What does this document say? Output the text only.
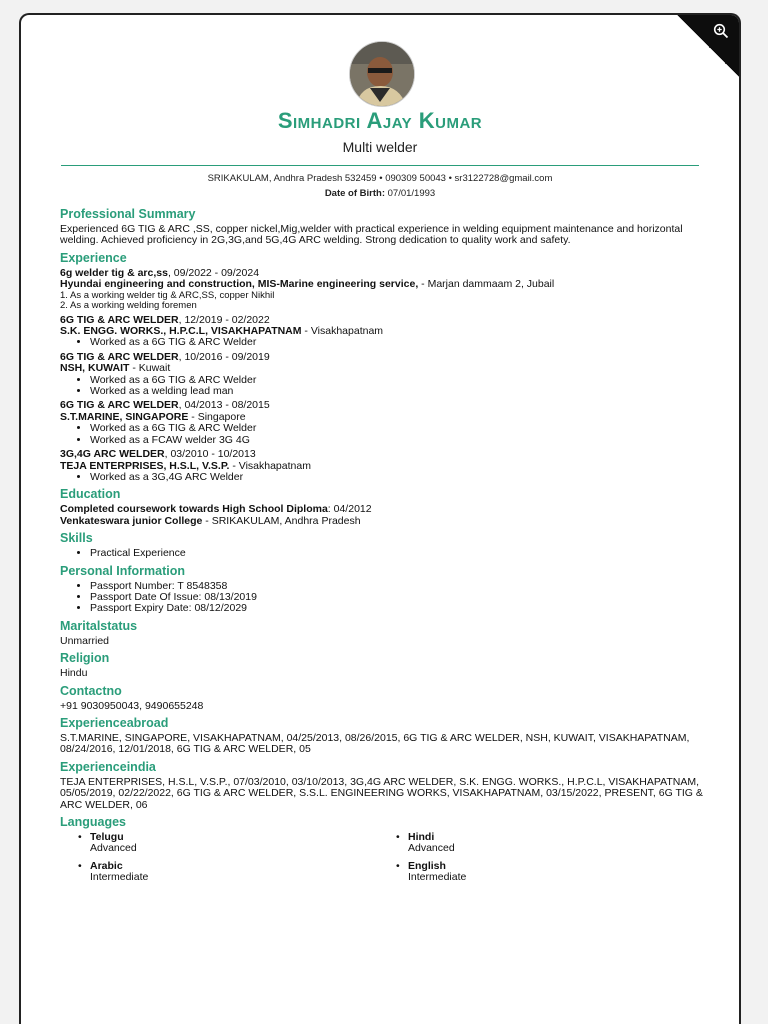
Simhadri Ajay Kumar
Multi welder
SRIKAKULAM, Andhra Pradesh 532459 • 090309 50043 • sr3122728@gmail.com
Date of Birth: 07/01/1993
Professional Summary

Experienced 6G TIG & ARC ,SS, copper nickel,Mig,welder with practical experience in welding equipment maintenance and horizontal welding. Achieved proficiency in 2G,3G,and 5G,4G ARC welding. Strong dedication to quality work and safety.

Experience
6g welder tig & arc,ss, 09/2022 - 09/2024
Hyundai engineering and construction, MIS-Marine engineering service, - Marjan dammaam 2, Jubail
1. As a working welder tig & ARC,SS, copper Nikhil
2. As a working welding foremen
6G TIG & ARC WELDER, 12/2019 - 02/2022
S.K. ENGG. WORKS., H.P.C.L, VISAKHAPATNAM - Visakhapatnam
• Worked as a 6G TIG & ARC Welder
6G TIG & ARC WELDER, 10/2016 - 09/2019
NSH, KUWAIT - Kuwait
• Worked as a 6G TIG & ARC Welder
• Worked as a welding lead man
6G TIG & ARC WELDER, 04/2013 - 08/2015
S.T.MARINE, SINGAPORE - Singapore
• Worked as a 6G TIG & ARC Welder
• Worked as a FCAW welder 3G 4G
3G,4G ARC WELDER, 03/2010 - 10/2013
TEJA ENTERPRISES, H.S.L, V.S.P. - Visakhapatnam
• Worked as a 3G,4G ARC Welder
Education
Completed coursework towards High School Diploma: 04/2012
Venkateswara junior College - SRIKAKULAM, Andhra Pradesh
Skills
• Practical Experience
Personal Information
• Passport Number: T 8548358
• Passport Date Of Issue: 08/13/2019
• Passport Expiry Date: 08/12/2029
Maritalstatus

Unmarried

Religion

Hindu

Contactno

+91 9030950043, 9490655248

Experienceabroad

S.T.MARINE, SINGAPORE, VISAKHAPATNAM, 04/25/2013, 08/26/2015, 6G TIG & ARC WELDER, NSH, KUWAIT, VISAKHAPATNAM, 08/24/2016, 12/01/2018, 6G TIG & ARC WELDER, 05

Experienceindia

TEJA ENTERPRISES, H.S.L, V.S.P., 07/03/2010, 03/10/2013, 3G,4G ARC WELDER, S.K. ENGG. WORKS., H.P.C.L, VISAKHAPATNAM, 05/05/2019, 02/22/2022, 6G TIG & ARC WELDER, S.S.L. ENGINEERING WORKS, VISAKHAPATNAM, 03/15/2022, PRESENT, 6G TIG & ARC WELDER, 06

Languages
• Telugu
Advanced
• Hindi
Advanced
• Arabic
Intermediate
• English
Intermediate
